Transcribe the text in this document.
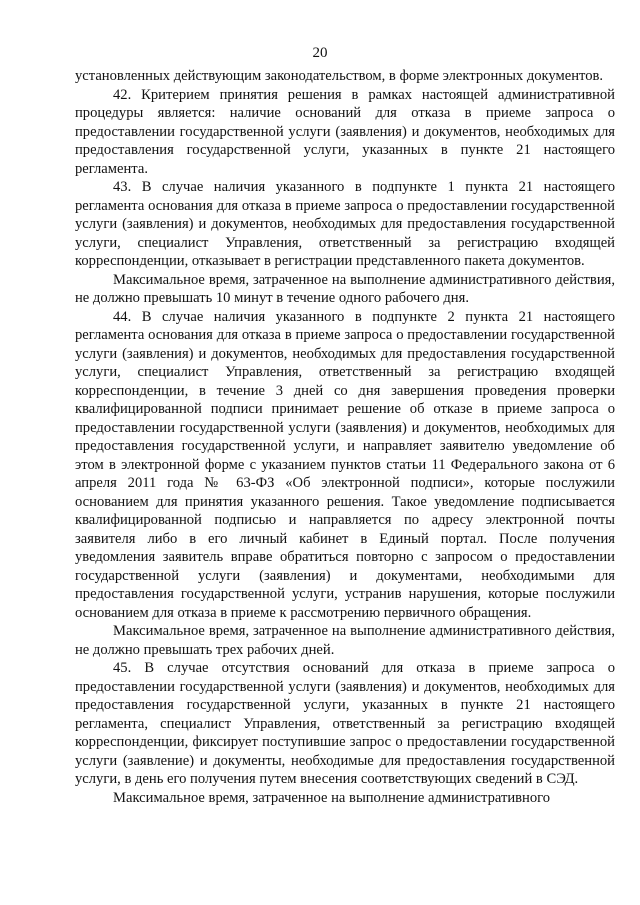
20

установленных действующим законодательством, в форме электронных документов.

42. Критерием принятия решения в рамках настоящей административной процедуры является: наличие оснований для отказа в приеме запроса о предоставлении государственной услуги (заявления) и документов, необходимых для предоставления государственной услуги, указанных в пункте 21 настоящего регламента.

43. В случае наличия указанного в подпункте 1 пункта 21 настоящего регламента основания для отказа в приеме запроса о предоставлении государственной услуги (заявления) и документов, необходимых для предоставления государственной услуги, специалист Управления, ответственный за регистрацию входящей корреспонденции, отказывает в регистрации представленного пакета документов.

Максимальное время, затраченное на выполнение административного действия, не должно превышать 10 минут в течение одного рабочего дня.

44. В случае наличия указанного в подпункте 2 пункта 21 настоящего регламента основания для отказа в приеме запроса о предоставлении государственной услуги (заявления) и документов, необходимых для предоставления государственной услуги, специалист Управления, ответственный за регистрацию входящей корреспонденции, в течение 3 дней со дня завершения проведения проверки квалифицированной подписи принимает решение об отказе в приеме запроса о предоставлении государственной услуги (заявления) и документов, необходимых для предоставления государственной услуги, и направляет заявителю уведомление об этом в электронной форме с указанием пунктов статьи 11 Федерального закона от 6 апреля 2011 года № 63-ФЗ «Об электронной подписи», которые послужили основанием для принятия указанного решения. Такое уведомление подписывается квалифицированной подписью и направляется по адресу электронной почты заявителя либо в его личный кабинет в Единый портал. После получения уведомления заявитель вправе обратиться повторно с запросом о предоставлении государственной услуги (заявления) и документами, необходимыми для предоставления государственной услуги, устранив нарушения, которые послужили основанием для отказа в приеме к рассмотрению первичного обращения.

Максимальное время, затраченное на выполнение административного действия, не должно превышать трех рабочих дней.

45. В случае отсутствия оснований для отказа в приеме запроса о предоставлении государственной услуги (заявления) и документов, необходимых для предоставления государственной услуги, указанных в пункте 21 настоящего регламента, специалист Управления, ответственный за регистрацию входящей корреспонденции, фиксирует поступившие запрос о предоставлении государственной услуги (заявление) и документы, необходимые для предоставления государственной услуги, в день его получения путем внесения соответствующих сведений в СЭД.

Максимальное время, затраченное на выполнение административного
